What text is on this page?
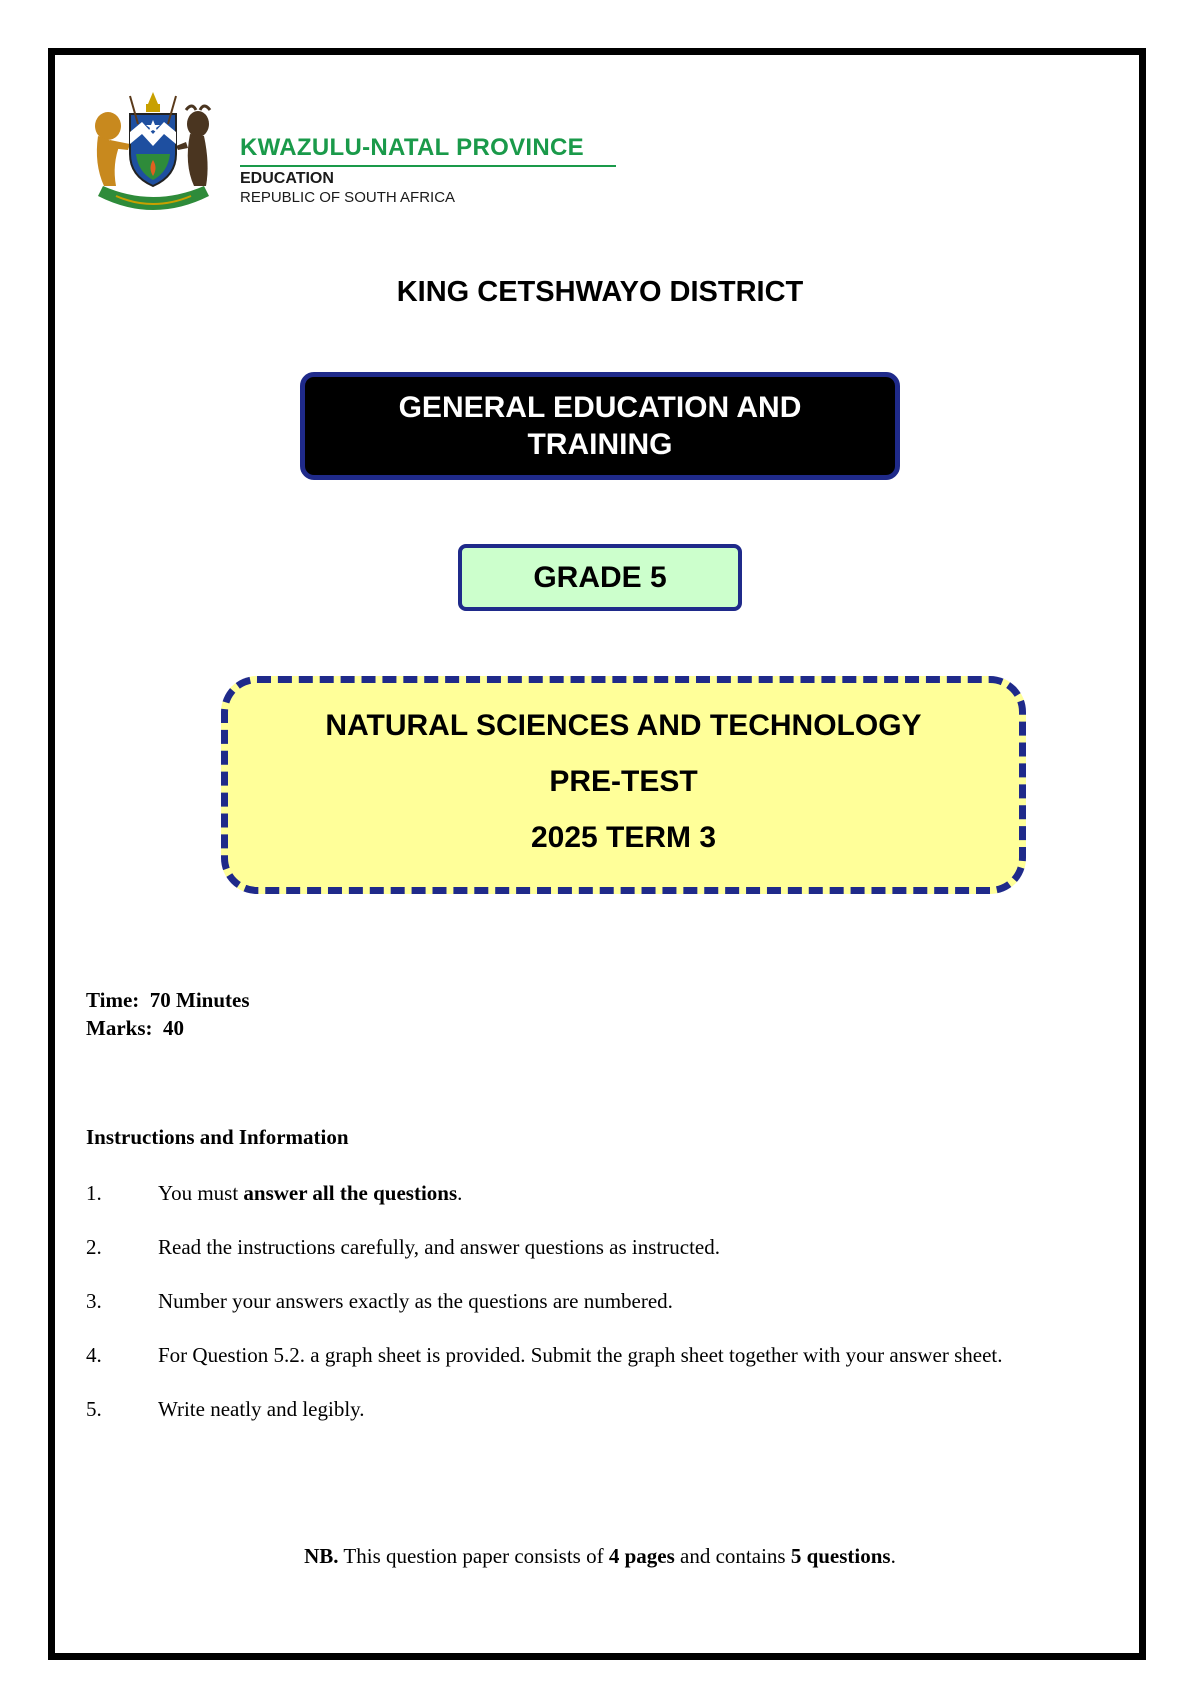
KWAZULU-NATAL PROVINCE
EDUCATION
REPUBLIC OF SOUTH AFRICA
KING CETSHWAYO DISTRICT
GENERAL EDUCATION AND
TRAINING
GRADE 5
NATURAL SCIENCES AND TECHNOLOGY
PRE-TEST
2025 TERM 3
Time: 70 Minutes
Marks: 40
Instructions and Information
1.	You must answer all the questions.
2.	Read the instructions carefully, and answer questions as instructed.
3.	Number your answers exactly as the questions are numbered.
4.	For Question 5.2. a graph sheet is provided. Submit the graph sheet together with your answer sheet.
5.	Write neatly and legibly.
NB. This question paper consists of 4 pages and contains 5 questions.
